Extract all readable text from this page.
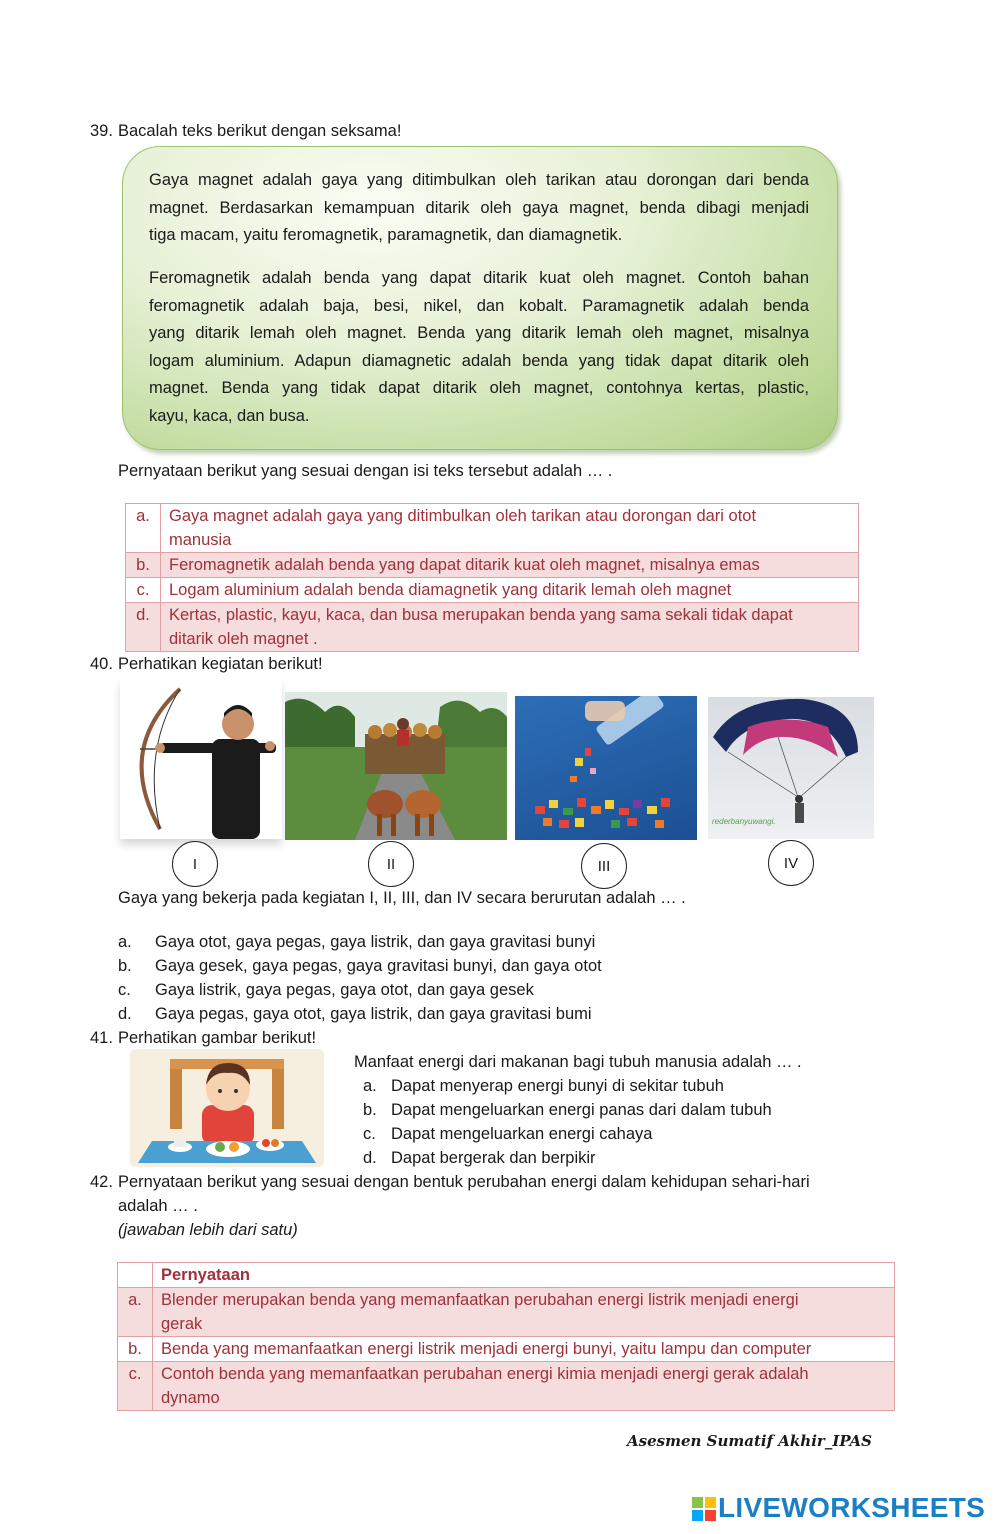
39. Bacalah teks berikut dengan seksama!
Gaya magnet adalah gaya yang ditimbulkan oleh tarikan atau dorongan dari benda
magnet. Berdasarkan kemampuan ditarik oleh gaya magnet, benda dibagi menjadi
tiga macam, yaitu feromagnetik, paramagnetik, dan diamagnetik.
Feromagnetik adalah benda yang dapat ditarik kuat oleh magnet. Contoh bahan
feromagnetik adalah baja, besi, nikel, dan kobalt. Paramagnetik adalah benda
yang ditarik lemah oleh magnet. Benda yang ditarik lemah oleh magnet, misalnya
logam aluminium. Adapun diamagnetic adalah benda yang tidak dapat ditarik oleh
magnet. Benda yang tidak dapat ditarik oleh magnet, contohnya kertas, plastic,
kayu, kaca, dan busa.
Pernyataan berikut yang sesuai dengan isi teks tersebut adalah … .
a.	Gaya magnet adalah gaya yang ditimbulkan oleh tarikan atau dorongan dari otot
manusia

b.	Feromagnetik adalah benda yang dapat ditarik kuat oleh magnet, misalnya emas

c.	Logam aluminium adalah benda diamagnetik yang ditarik lemah oleh magnet

d.	Kertas, plastic, kayu, kaca, dan busa merupakan benda yang sama sekali tidak dapat
ditarik oleh magnet .
40. Perhatikan kegiatan berikut!
rederbanyuwangi.
I	II	III	IV
Gaya yang bekerja pada kegiatan I, II, III, dan IV secara berurutan adalah … .
a. Gaya otot, gaya pegas, gaya listrik, dan gaya gravitasi bunyi
b. Gaya gesek, gaya pegas, gaya gravitasi bunyi, dan gaya otot
c. Gaya listrik, gaya pegas, gaya otot, dan gaya gesek
d. Gaya pegas, gaya otot, gaya listrik, dan gaya gravitasi bumi
41. Perhatikan gambar berikut!
Manfaat energi dari makanan bagi tubuh manusia adalah … .
a. Dapat menyerap energi bunyi di sekitar tubuh
b. Dapat mengeluarkan energi panas dari dalam tubuh
c. Dapat mengeluarkan energi cahaya
d. Dapat bergerak dan berpikir
42. Pernyataan berikut yang sesuai dengan bentuk perubahan energi dalam kehidupan sehari-hari
adalah … .
(jawaban lebih dari satu)
	Pernyataan
a.	Blender merupakan benda yang memanfaatkan perubahan energi listrik menjadi energi
gerak

b.	Benda yang memanfaatkan energi listrik menjadi energi bunyi, yaitu lampu dan computer

c.	Contoh benda yang memanfaatkan perubahan energi kimia menjadi energi gerak adalah
dynamo
Asesmen Sumatif Akhir_IPAS
LIVEWORKSHEETS
